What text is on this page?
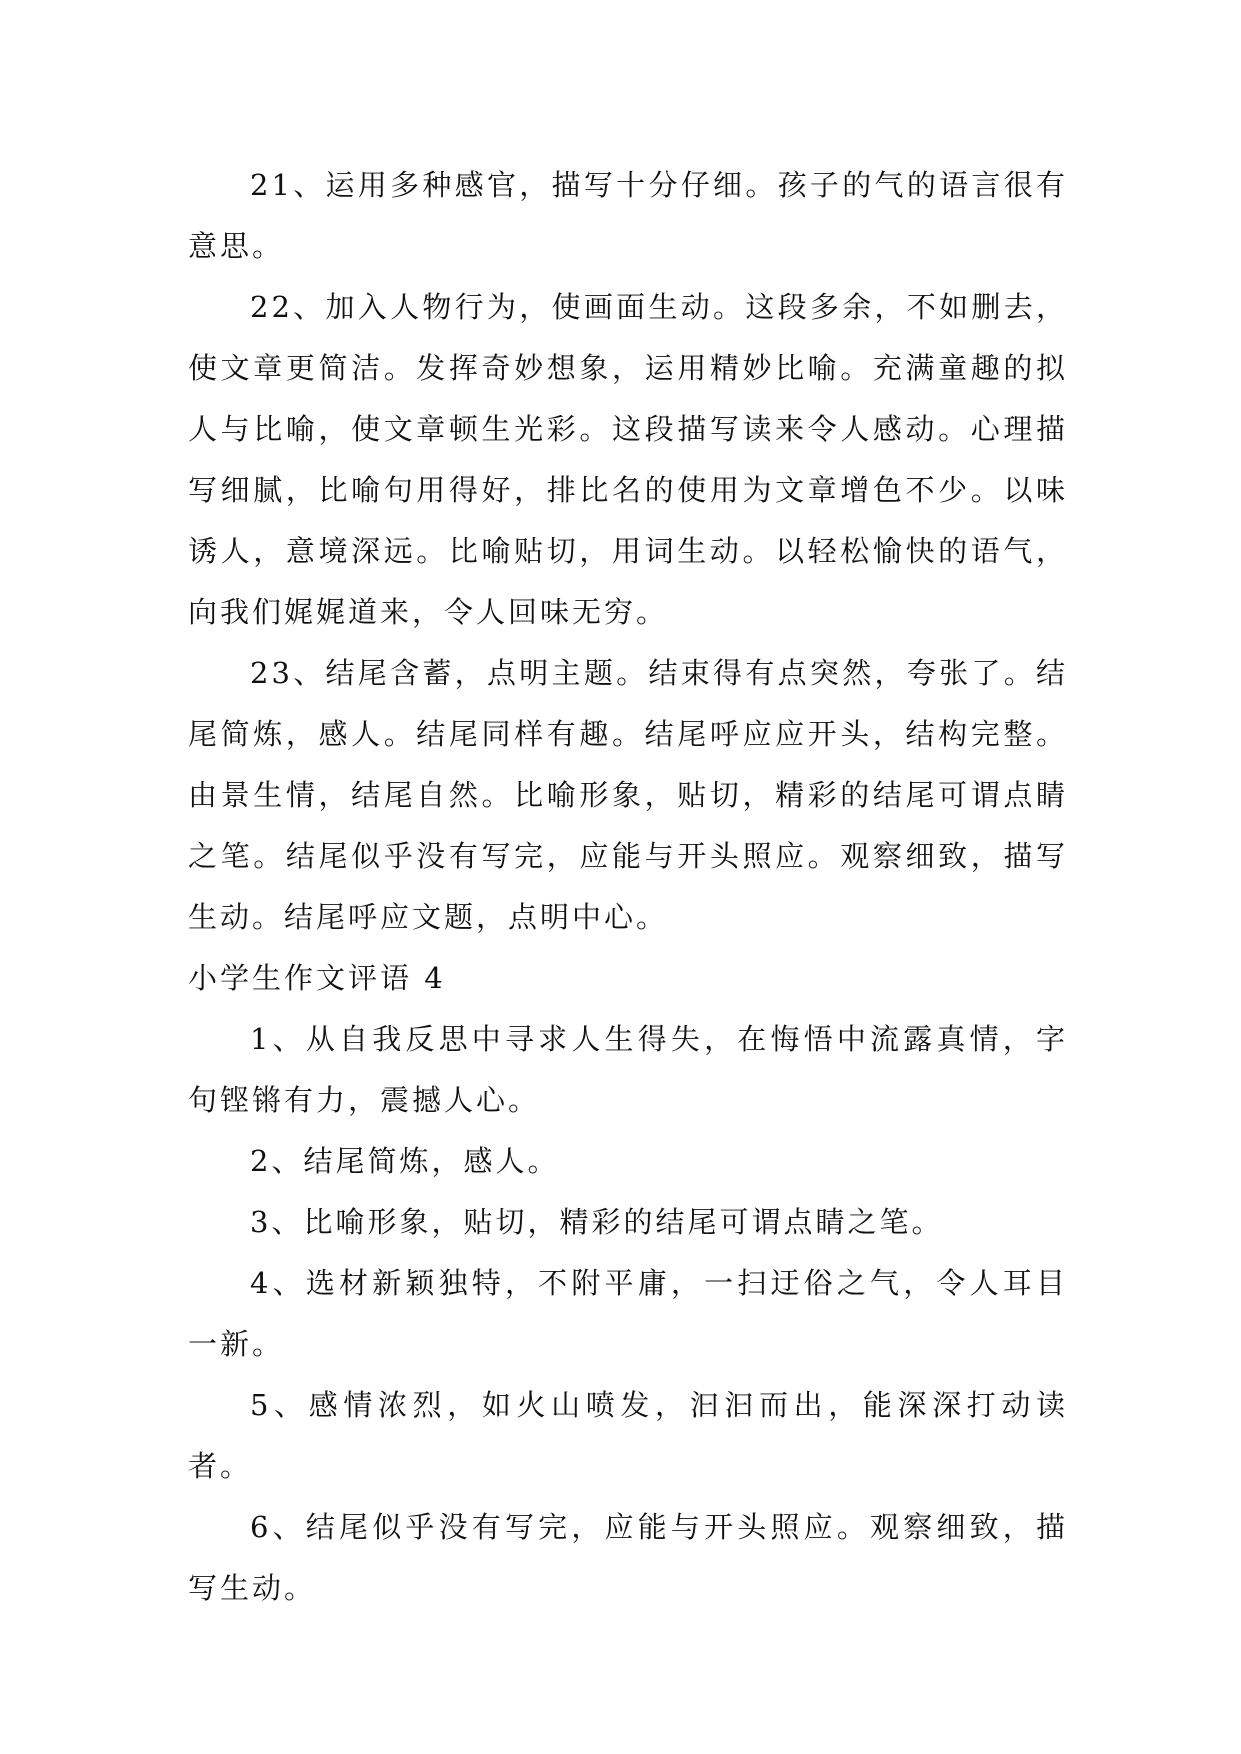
21、运用多种感官，描写十分仔细。孩子的气的语言很有意思。

22、加入人物行为，使画面生动。这段多余，不如删去，使文章更简洁。发挥奇妙想象，运用精妙比喻。充满童趣的拟人与比喻，使文章顿生光彩。这段描写读来令人感动。心理描写细腻，比喻句用得好，排比名的使用为文章增色不少。以味诱人，意境深远。比喻贴切，用词生动。以轻松愉快的语气，向我们娓娓道来，令人回味无穷。

23、结尾含蓄，点明主题。结束得有点突然，夸张了。结尾简炼，感人。结尾同样有趣。结尾呼应应开头，结构完整。由景生情，结尾自然。比喻形象，贴切，精彩的结尾可谓点睛之笔。结尾似乎没有写完，应能与开头照应。观察细致，描写生动。结尾呼应文题，点明中心。

小学生作文评语 4

1、从自我反思中寻求人生得失，在悔悟中流露真情，字句铿锵有力，震撼人心。

2、结尾简炼，感人。

3、比喻形象，贴切，精彩的结尾可谓点睛之笔。

4、选材新颖独特，不附平庸，一扫迂俗之气，令人耳目一新。

5、感情浓烈，如火山喷发，汩汩而出，能深深打动读者。

6、结尾似乎没有写完，应能与开头照应。观察细致，描写生动。
